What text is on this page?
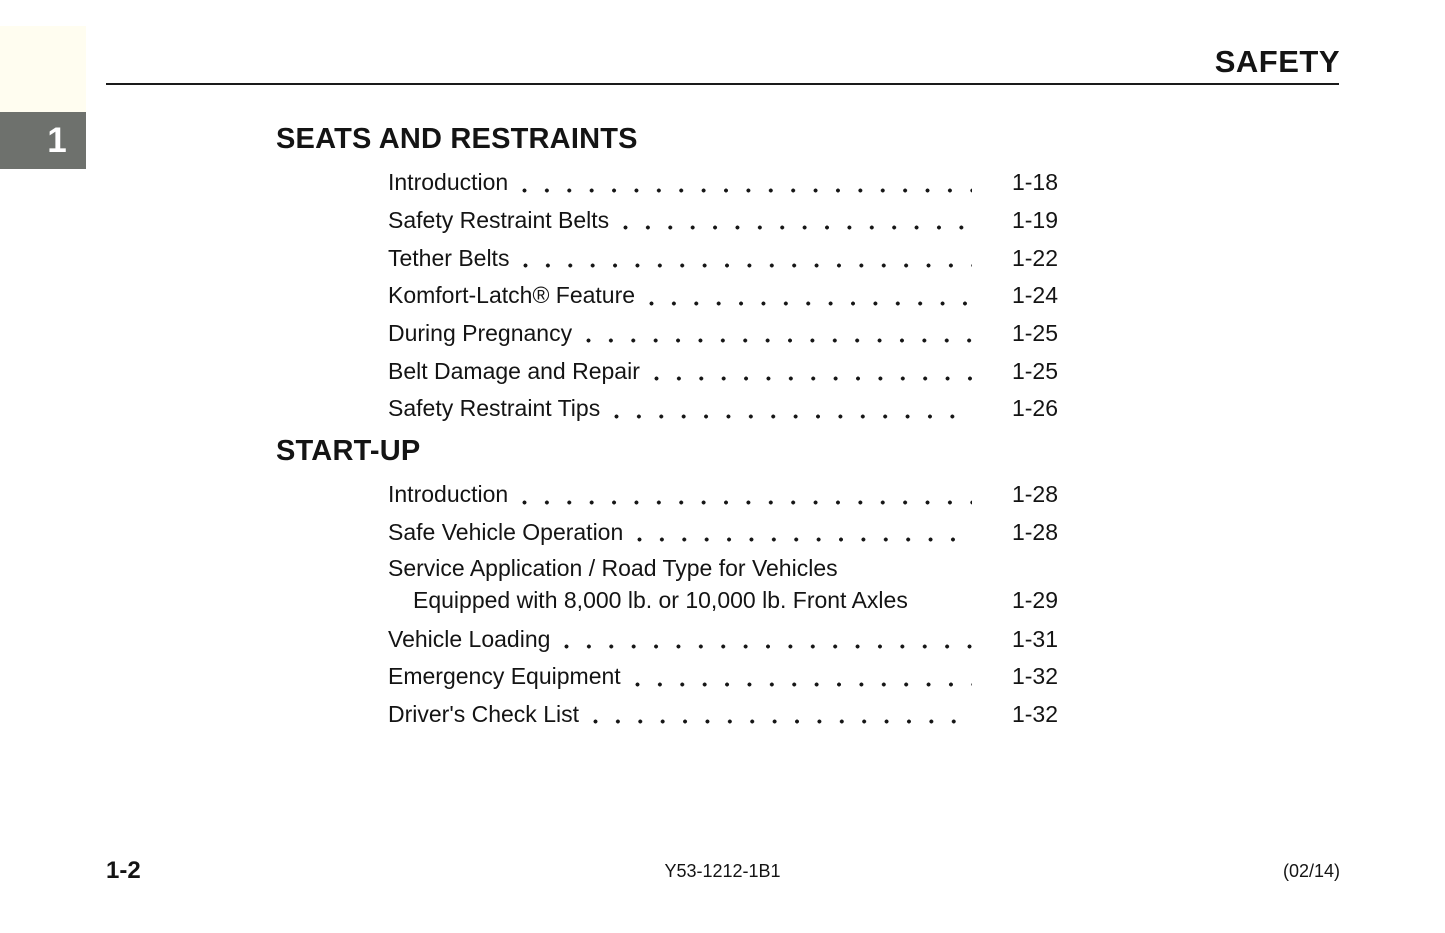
SAFETY
1	SEATS AND RESTRAINTS
Introduction	1-18
Safety Restraint Belts	1-19
Tether Belts	1-22
Komfort-Latch® Feature	1-24
During Pregnancy	1-25
Belt Damage and Repair	1-25
Safety Restraint Tips	1-26
START-UP
Introduction	1-28
Safe Vehicle Operation	1-28
Service Application / Road Type for Vehicles
Equipped with 8,000 lb. or 10,000 lb. Front Axles	1-29
Vehicle Loading	1-31
Emergency Equipment	1-32
Driver's Check List	1-32
1-2	Y53-1212-1B1	(02/14)
